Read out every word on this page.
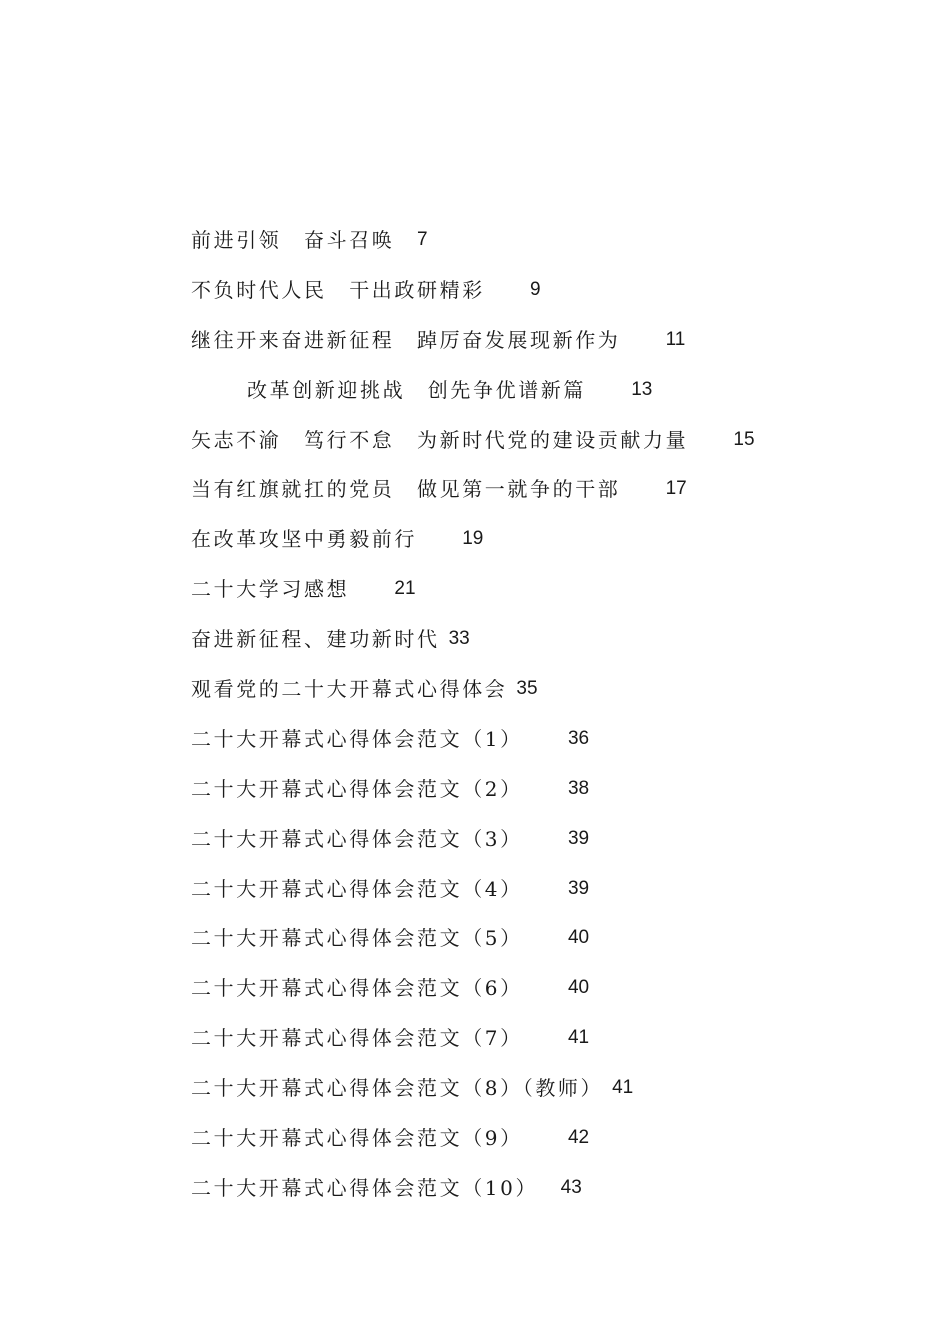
前进引领　奋斗召唤
　 7
不负时代人民　干出政研精彩
　　 9
继往开来奋进新征程　踔厉奋发展现新作为
　　 11
改革创新迎挑战　创先争优谱新篇
　　 13
矢志不渝　笃行不怠　为新时代党的建设贡献力量
　　 15
当有红旗就扛的党员　做见第一就争的干部
　　 17
在改革攻坚中勇毅前行
　　 19
二十大学习感想
　　 21
奋进新征程、建功新时代
33
观看党的二十大开幕式心得体会
35
二十大开幕式心得体会范文（1）
　　 36
二十大开幕式心得体会范文（2）
　　 38
二十大开幕式心得体会范文（3）
　　 39
二十大开幕式心得体会范文（4）
　　 39
二十大开幕式心得体会范文（5）
　　 40
二十大开幕式心得体会范文（6）
　　 40
二十大开幕式心得体会范文（7）
　　 41
二十大开幕式心得体会范文（8）（教师）
41
二十大开幕式心得体会范文（9）
　　 42
二十大开幕式心得体会范文（10）
　 43
